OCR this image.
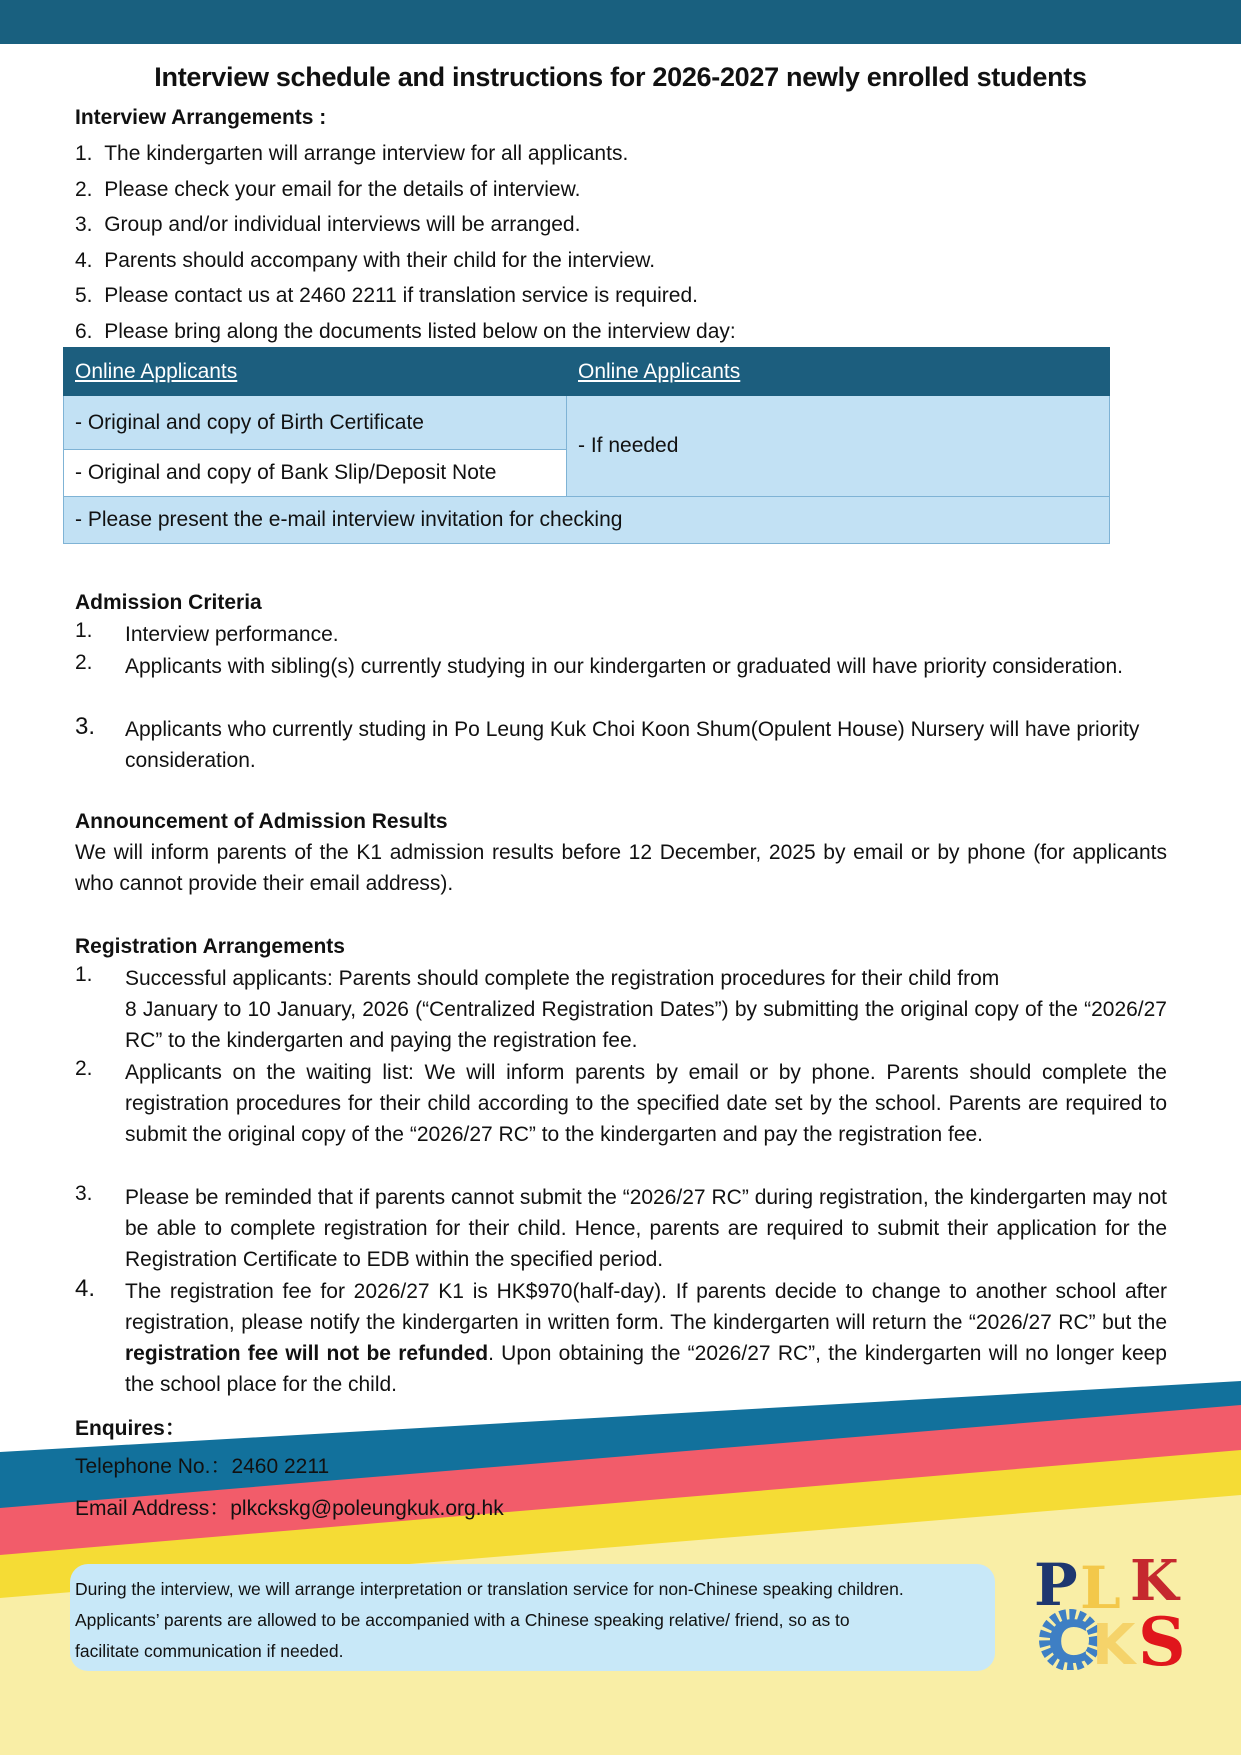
Interview schedule and instructions for 2026-2027 newly enrolled students
Interview Arrangements :
1. The kindergarten will arrange interview for all applicants.
2. Please check your email for the details of interview.
3. Group and/or individual interviews will be arranged.
4. Parents should accompany with their child for the interview.
5. Please contact us at 2460 2211 if translation service is required.
6. Please bring along the documents listed below on the interview day:
Online Applicants	Online Applicants
- Original and copy of Birth Certificate	- If needed
- Original and copy of Bank Slip/Deposit Note	
- Please present the e-mail interview invitation for checking	
Admission Criteria
1. Interview performance.
2. Applicants with sibling(s) currently studying in our kindergarten or graduated will have priority consideration.
3. Applicants who currently studing in Po Leung Kuk Choi Koon Shum(Opulent House) Nursery will have priority consideration.
Announcement of Admission Results
We will inform parents of the K1 admission results before 12 December, 2025 by email or by phone (for applicants who cannot provide their email address).
Registration Arrangements
1. Successful applicants: Parents should complete the registration procedures for their child from
8 January to 10 January, 2026 (“Centralized Registration Dates”) by submitting the original copy of the “2026/27 RC” to the kindergarten and paying the registration fee.
2. Applicants on the waiting list: We will inform parents by email or by phone. Parents should complete the registration procedures for their child according to the specified date set by the school. Parents are required to submit the original copy of the “2026/27 RC” to the kindergarten and pay the registration fee.
3. Please be reminded that if parents cannot submit the “2026/27 RC” during registration, the kindergarten may not be able to complete registration for their child. Hence, parents are required to submit their application for the Registration Certificate to EDB within the specified period.
4. The registration fee for 2026/27 K1 is HK$970(half-day). If parents decide to change to another school after registration, please notify the kindergarten in written form. The kindergarten will return the “2026/27 RC” but the registration fee will not be refunded. Upon obtaining the “2026/27 RC”, the kindergarten will no longer keep the school place for the child.
Enquires：
Telephone No.：2460 2211
Email Address：plkckskg@poleungkuk.org.hk
During the interview, we will arrange interpretation or translation service for non-Chinese speaking children.
Applicants’ parents are allowed to be accompanied with a Chinese speaking relative/ friend, so as to
facilitate communication if needed.
P L K
C K S
